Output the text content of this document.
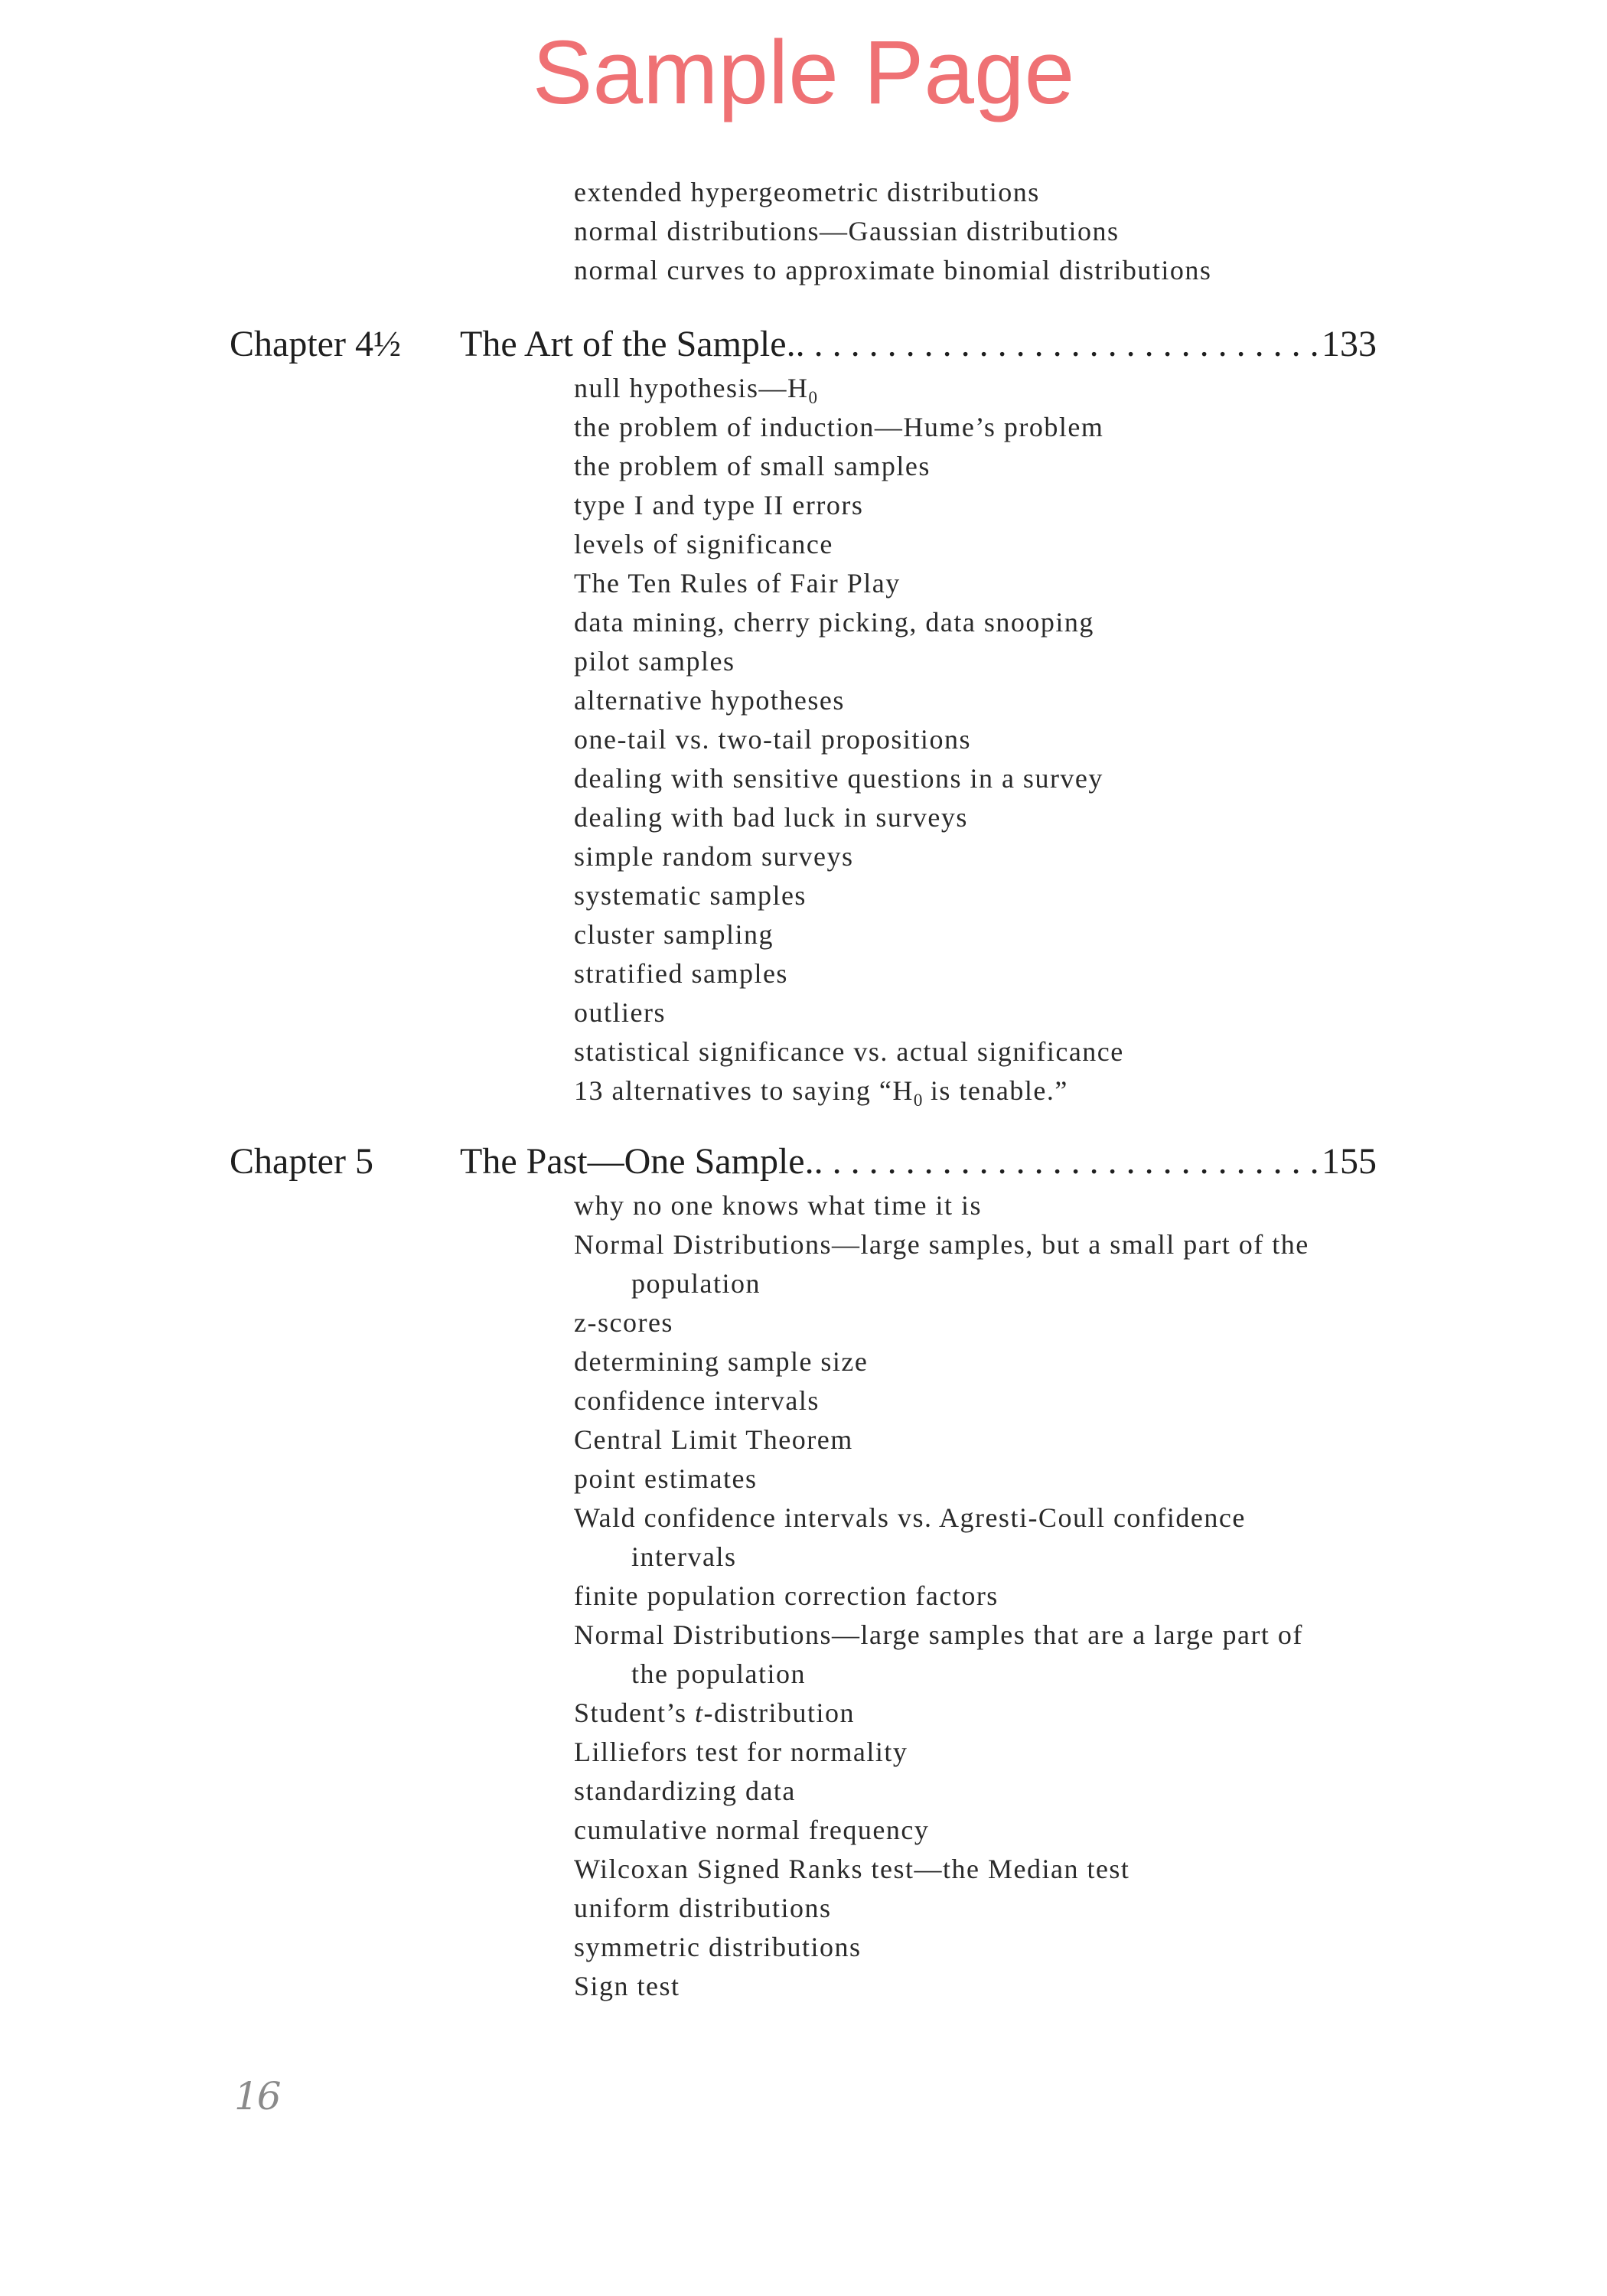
Sample Page
extended hypergeometric distributions
normal distributions—Gaussian distributions
normal curves to approximate binomial distributions
Chapter 4½ The Art of the Sample. . . .	133
null $hypothesis—H_0$
the problem of induction—Hume’s problem
the problem of small samples
type I and type II errors
levels of significance
The Ten Rules of Fair Play
data mining, cherry picking, data snooping
pilot samples
alternative hypotheses
one-tail vs. two-tail propositions
dealing with sensitive questions in a survey
dealing with bad luck in surveys
simple random surveys
systematic samples
cluster sampling
stratified samples
outliers
statistical significance vs. actual significance
13 alternatives to saying “$H_0$ is tenable.”
Chapter 5 The Past—One Sample. . . .	155
why no one knows what time it is
Normal Distributions—large samples, but a small part of the
population
z-scores
determining sample size
confidence intervals
Central Limit Theorem
point estimates
Wald confidence intervals vs. Agresti-Coull confidence
intervals
finite population correction factors
Normal Distributions—large samples that are a large part of
the population
Student’s t-distribution
Lilliefors test for normality
standardizing data
cumulative normal frequency
Wilcoxan Signed Ranks test—the Median test
uniform distributions
symmetric distributions
Sign test
16
